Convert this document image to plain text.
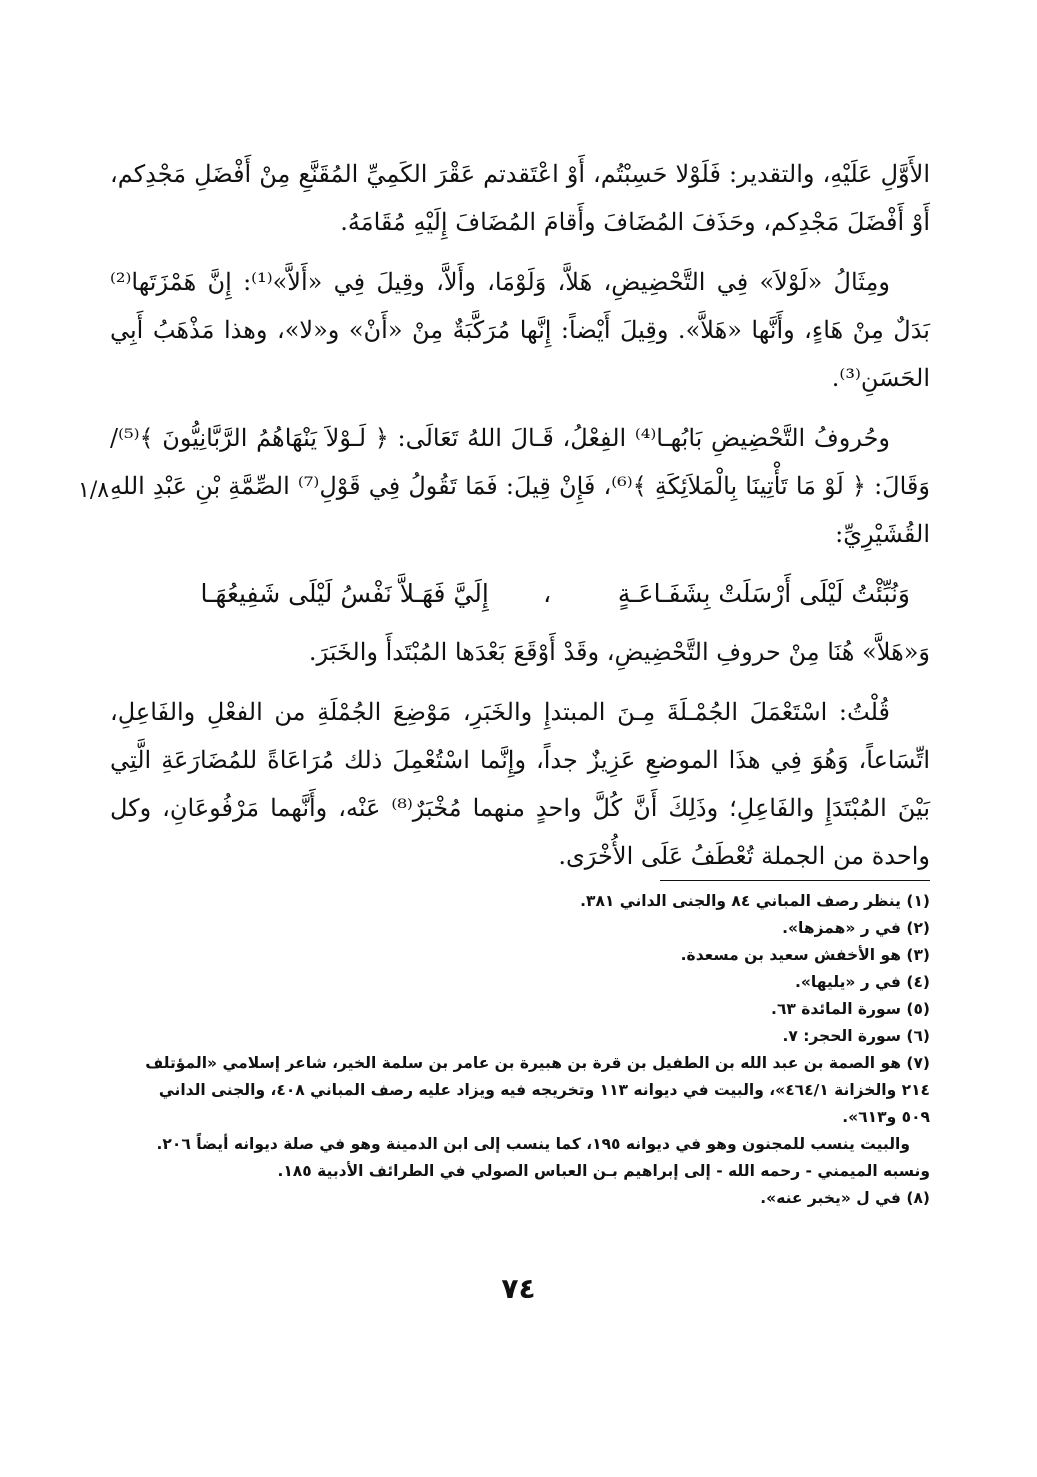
الأَوَّلِ عَلَيْهِ، والتقدير: فَلَوْلا حَسِبْتُم، أَوْ اعْتَقدتم عَقْرَ الكَمِيِّ المُقَنَّعِ مِنْ أَفْضَلِ مَجْدِكم، أَوْ أَفْضَلَ مَجْدِكم، وحَذَفَ المُضَافَ وأَقامَ المُضَافَ إِلَيْهِ مُقَامَهُ.

ومِثَالُ «لَوْلاَ» فِي التَّحْضِيضِ، هَلاَّ، وَلَوْمَا، وأَلاَّ، وقِيلَ فِي «أَلاَّ»⁽¹⁾: إِنَّ هَمْزَتَها⁽²⁾ بَدَلٌ مِنْ هَاءٍ، وأَنَّها «هَلاَّ». وقِيلَ أَيْضاً: إِنَّها مُرَكَّبَةٌ مِنْ «أَنْ» و«لا»، وهذا مَذْهَبُ أَبِي الحَسَنِ⁽³⁾.

وحُروفُ التَّحْضِيضِ بَابُهـا⁽⁴⁾ الفِعْلُ، قَـالَ اللهُ تَعَالَى: ﴿ لَـوْلاَ يَنْهَاهُمُ الرَّبَّانِيُّونَ ﴾⁽⁵⁾/ وَقَالَ: ﴿ لَوْ مَا تَأْتِينَا بِالْمَلاَئِكَةِ ﴾⁽⁶⁾، فَإِنْ قِيلَ: فَمَا تَقُولُ فِي قَوْلِ⁽⁷⁾ الصِّمَّةِ بْنِ عَبْدِ اللهِ القُشَيْرِيِّ:

وَنُبِّئْتُ لَيْلَى أَرْسَلَتْ بِشَفَـاعَـةٍ
،
إِلَيَّ فَهَـلاَّ نَفْسُ لَيْلَى شَفِيعُهَـا

وَ«هَلاَّ» هُنَا مِنْ حروفِ التَّحْضِيضِ، وقَدْ أَوْقَعَ بَعْدَها المُبْتَدأَ والخَبَرَ.

قُلْتُ: اسْتَعْمَلَ الجُمْـلَةَ مِـنَ المبتدإِ والخَبَرِ، مَوْضِعَ الجُمْلَةِ من الفعْلِ والفَاعِلِ، اتِّسَاعاً، وَهُوَ فِي هذَا الموضعِ عَزِيزٌ جداً، وإِنَّما اسْتُعْمِلَ ذلك مُرَاعَاةً للمُضَارَعَةِ الَّتِي بَيْنَ المُبْتَدَإِ والفَاعِلِ؛ وذَلِكَ أَنَّ كُلَّ واحدٍ منهما مُخْبَرٌ⁽⁸⁾ عَنْه، وأَنَّهما مَرْفُوعَانِ، وكل واحدة من الجملة تُعْطَفُ عَلَى الأُخْرَى.

١/٨

(١) ينظر رصف المباني ٨٤ والجنى الداني ٣٨١.

(٢) في ر «همزها».

(٣) هو الأخفش سعيد بن مسعدة.

(٤) في ر «يليها».

(٥) سورة المائدة ٦٣.

(٦) سورة الحجر: ٧.

(٧) هو الصمة بن عبد الله بن الطفيل بن قرة بن هبيرة بن عامر بن سلمة الخير، شاعر إسلامي «المؤتلف ٢١٤ والخزانة ٤٦٤/١»، والبيت في ديوانه ١١٣ وتخريجه فيه ويزاد عليه رصف المباني ٤٠٨، والجنى الداني ٥٠٩ و٦١٣».

والبيت ينسب للمجنون وهو في ديوانه ١٩٥، كما ينسب إلى ابن الدمينة وهو في صلة ديوانه أيضاً ٢٠٦. ونسبه الميمني - رحمه الله - إلى إبراهيم بـن العباس الصولي في الطرائف الأدبية ١٨٥.

(٨) في ل «يخبر عنه».

٧٤
